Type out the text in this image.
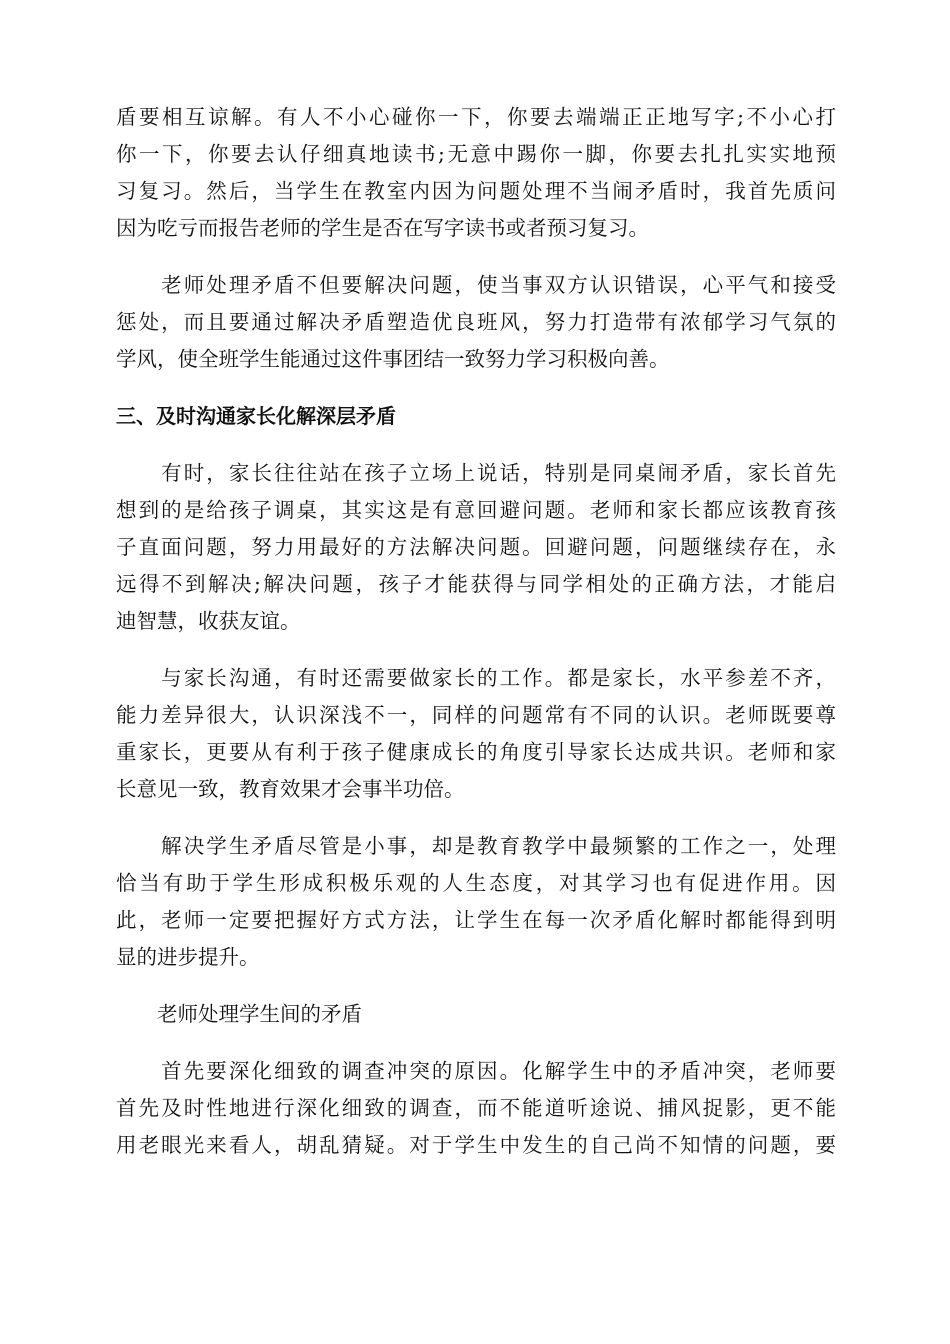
盾要相互谅解。有人不小心碰你一下，你要去端端正正地写字;不小心打
你一下，你要去认仔细真地读书;无意中踢你一脚，你要去扎扎实实地预
习复习。然后，当学生在教室内因为问题处理不当闹矛盾时，我首先质问
因为吃亏而报告老师的学生是否在写字读书或者预习复习。
　　老师处理矛盾不但要解决问题，使当事双方认识错误，心平气和接受
惩处，而且要通过解决矛盾塑造优良班风，努力打造带有浓郁学习气氛的
学风，使全班学生能通过这件事团结一致努力学习积极向善。
三、及时沟通家长化解深层矛盾
　　有时，家长往往站在孩子立场上说话，特别是同桌闹矛盾，家长首先
想到的是给孩子调桌，其实这是有意回避问题。老师和家长都应该教育孩
子直面问题，努力用最好的方法解决问题。回避问题，问题继续存在，永
远得不到解决;解决问题，孩子才能获得与同学相处的正确方法，才能启
迪智慧，收获友谊。
　　与家长沟通，有时还需要做家长的工作。都是家长，水平参差不齐，
能力差异很大，认识深浅不一，同样的问题常有不同的认识。老师既要尊
重家长，更要从有利于孩子健康成长的角度引导家长达成共识。老师和家
长意见一致，教育效果才会事半功倍。
　　解决学生矛盾尽管是小事，却是教育教学中最频繁的工作之一，处理
恰当有助于学生形成积极乐观的人生态度，对其学习也有促进作用。因
此，老师一定要把握好方式方法，让学生在每一次矛盾化解时都能得到明
显的进步提升。
　　老师处理学生间的矛盾
　　首先要深化细致的调查冲突的原因。化解学生中的矛盾冲突，老师要
首先及时性地进行深化细致的调查，而不能道听途说、捕风捉影，更不能
用老眼光来看人，胡乱猜疑。对于学生中发生的自己尚不知情的问题，要
